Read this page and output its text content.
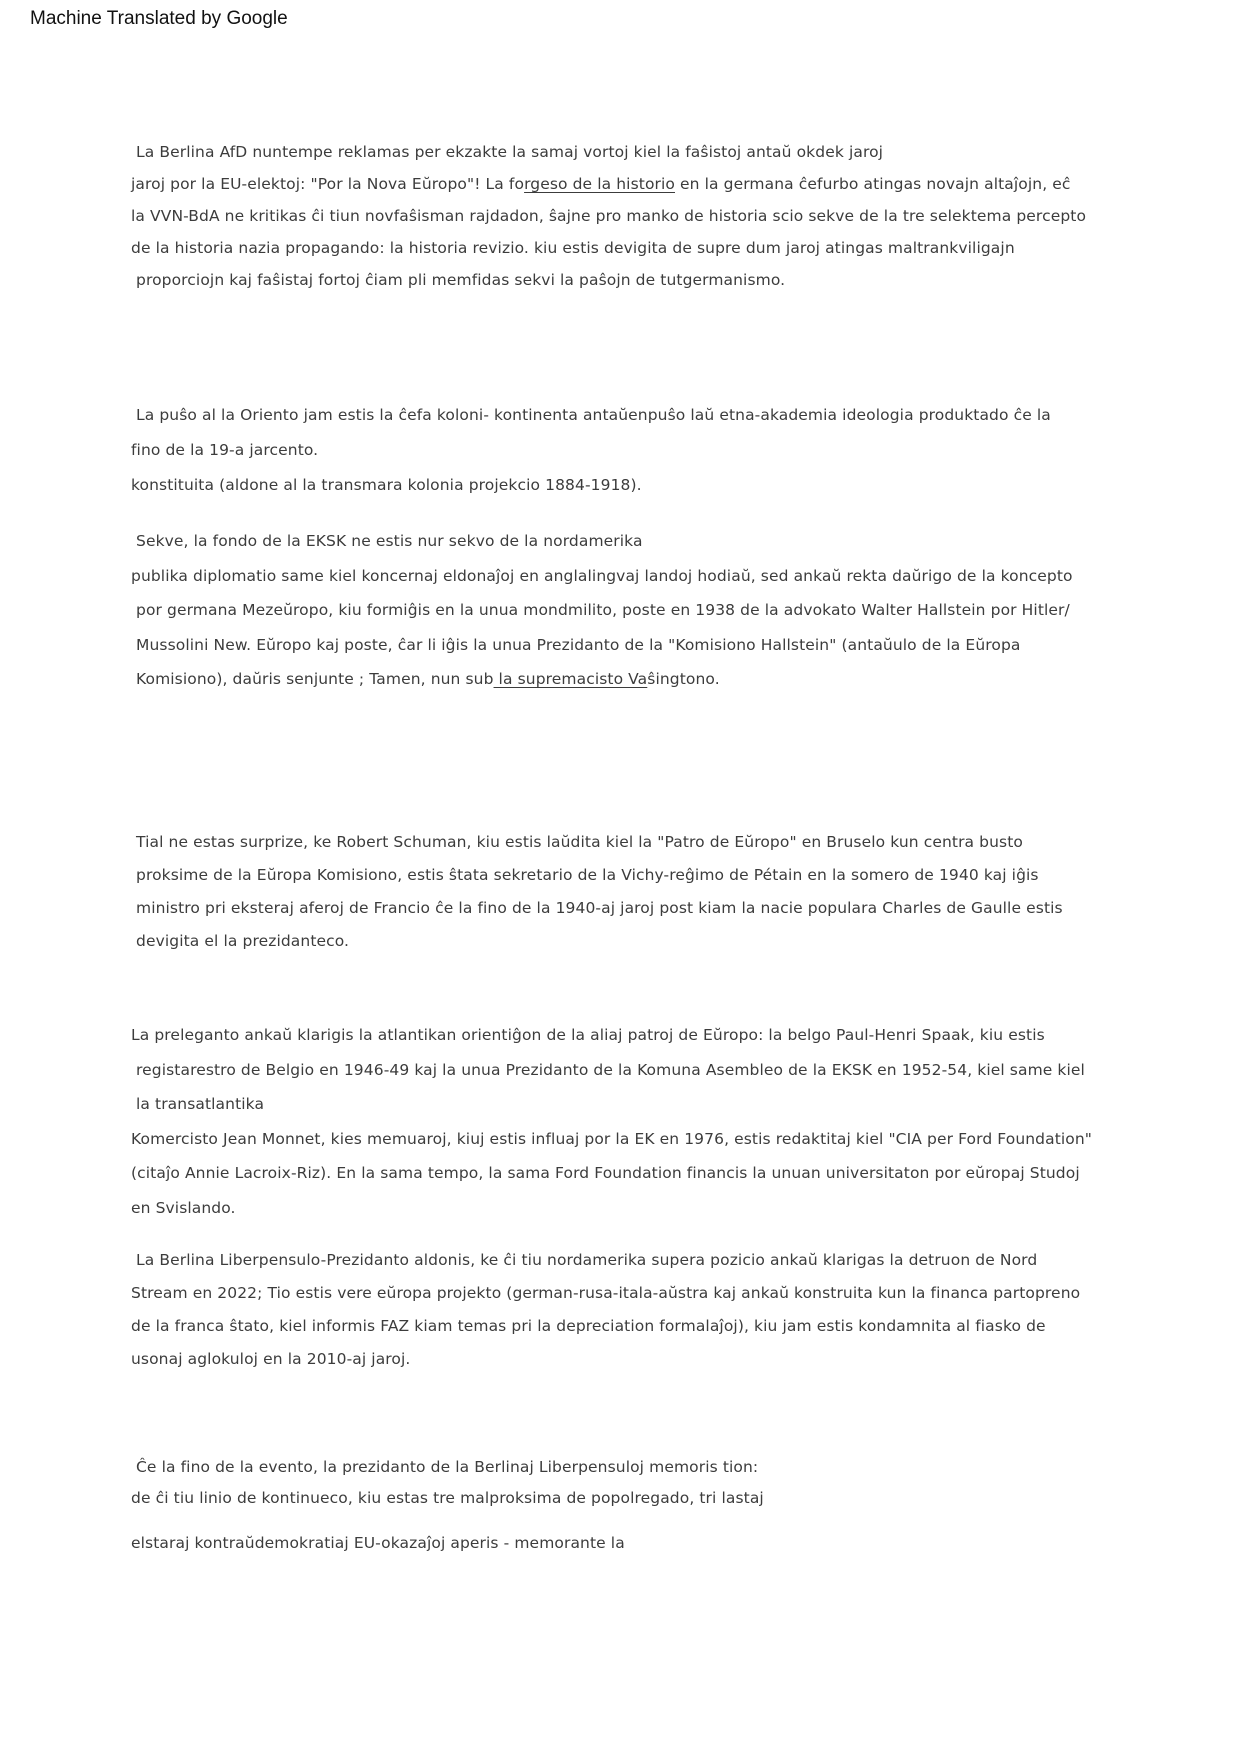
Machine Translated by Google
La Berlina AfD nuntempe reklamas per ekzakte la samaj vortoj kiel la faŝistoj antaŭ okdek jaroj
jaroj por la EU-elektoj: "Por la Nova Eŭropo"! La forgeso de la historio en la germana ĉefurbo atingas novajn altaĵojn, eĉ
la VVN-BdA ne kritikas ĉi tiun novfaŝisman rajdadon, ŝajne pro manko de historia scio sekve de la tre selektema percepto
de la historia nazia propagando: la historia revizio. kiu estis devigita de supre dum jaroj atingas maltrankviligajn
proporciojn kaj faŝistaj fortoj ĉiam pli memfidas sekvi la paŝojn de tutgermanismo.
La puŝo al la Oriento jam estis la ĉefa koloni- kontinenta antaŭenpuŝo laŭ etna-akademia ideologia produktado ĉe la
fino de la 19-a jarcento.
konstituita (aldone al la transmara kolonia projekcio 1884-1918).
Sekve, la fondo de la EKSK ne estis nur sekvo de la nordamerika
publika diplomatio same kiel koncernaj eldonaĵoj en anglalingvaj landoj hodiaŭ, sed ankaŭ rekta daŭrigo de la koncepto
por germana Mezeŭropo, kiu formiĝis en la unua mondmilito, poste en 1938 de la advokato Walter Hallstein por Hitler/
Mussolini New. Eŭropo kaj poste, ĉar li iĝis la unua Prezidanto de la "Komisiono Hallstein" (antaŭulo de la Eŭropa
Komisiono), daŭris senjunte ; Tamen, nun sub la supremacisto Vaŝingtono.
Tial ne estas surprize, ke Robert Schuman, kiu estis laŭdita kiel la "Patro de Eŭropo" en Bruselo kun centra busto
proksime de la Eŭropa Komisiono, estis ŝtata sekretario de la Vichy-reĝimo de Pétain en la somero de 1940 kaj iĝis
ministro pri eksteraj aferoj de Francio ĉe la fino de la 1940-aj jaroj post kiam la nacie populara Charles de Gaulle estis
devigita el la prezidanteco.
La preleganto ankaŭ klarigis la atlantikan orientiĝon de la aliaj patroj de Eŭropo: la belgo Paul-Henri Spaak, kiu estis
registarestro de Belgio en 1946-49 kaj la unua Prezidanto de la Komuna Asembleo de la EKSK en 1952-54, kiel same kiel
la transatlantika
Komercisto Jean Monnet, kies memuaroj, kiuj estis influaj por la EK en 1976, estis redaktitaj kiel "CIA per Ford Foundation"
(citaĵo Annie Lacroix-Riz). En la sama tempo, la sama Ford Foundation financis la unuan universitaton por eŭropaj Studoj
en Svislando.
La Berlina Liberpensulo-Prezidanto aldonis, ke ĉi tiu nordamerika supera pozicio ankaŭ klarigas la detruon de Nord
Stream en 2022; Tio estis vere eŭropa projekto (german-rusa-itala-aŭstra kaj ankaŭ konstruita kun la financa partopreno
de la franca ŝtato, kiel informis FAZ kiam temas pri la depreciation formalaĵoj), kiu jam estis kondamnita al fiasko de
usonaj aglokuloj en la 2010-aj jaroj.
Ĉe la fino de la evento, la prezidanto de la Berlinaj Liberpensuloj memoris tion:
de ĉi tiu linio de kontinueco, kiu estas tre malproksima de popolregado, tri lastaj
elstaraj kontraŭdemokratiaj EU-okazaĵoj aperis - memorante la
